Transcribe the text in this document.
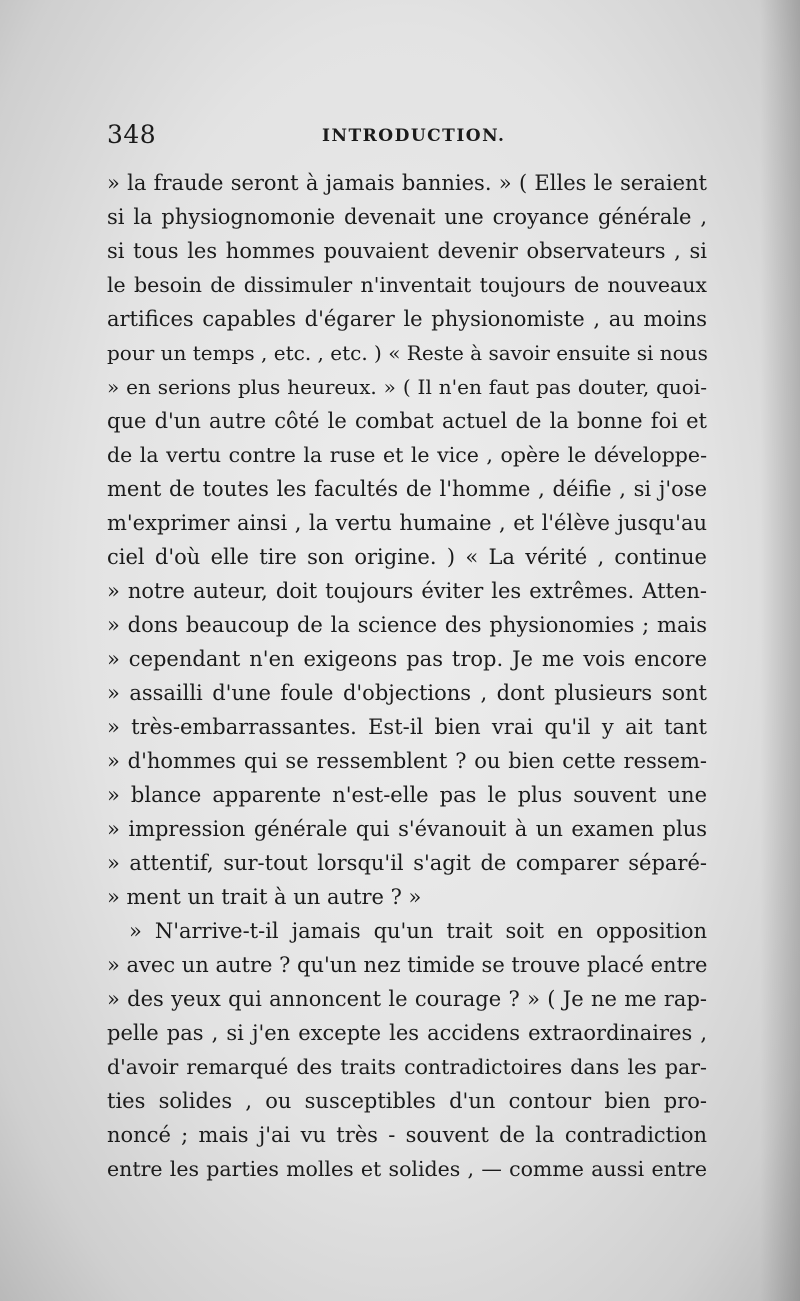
348	INTRODUCTION.
» la fraude seront à jamais bannies. » ( Elles le seraient
si la physiognomonie devenait une croyance générale ,
si tous les hommes pouvaient devenir observateurs , si
le besoin de dissimuler n'inventait toujours de nouveaux
artifices capables d'égarer le physionomiste , au moins
pour un temps , etc. , etc. ) « Reste à savoir ensuite si nous
» en serions plus heureux. » ( Il n'en faut pas douter, quoi-
que d'un autre côté le combat actuel de la bonne foi et
de la vertu contre la ruse et le vice , opère le développe-
ment de toutes les facultés de l'homme , déifie , si j'ose
m'exprimer ainsi , la vertu humaine , et l'élève jusqu'au
ciel d'où elle tire son origine. ) « La vérité , continue
» notre auteur, doit toujours éviter les extrêmes. Atten-
» dons beaucoup de la science des physionomies ; mais
» cependant n'en exigeons pas trop. Je me vois encore
» assailli d'une foule d'objections , dont plusieurs sont
» très-embarrassantes. Est-il bien vrai qu'il y ait tant
» d'hommes qui se ressemblent ? ou bien cette ressem-
» blance apparente n'est-elle pas le plus souvent une
» impression générale qui s'évanouit à un examen plus
» attentif, sur-tout lorsqu'il s'agit de comparer séparé-
» ment un trait à un autre ? »
» N'arrive-t-il jamais qu'un trait soit en opposition
» avec un autre ? qu'un nez timide se trouve placé entre
» des yeux qui annoncent le courage ? » ( Je ne me rap-
pelle pas , si j'en excepte les accidens extraordinaires ,
d'avoir remarqué des traits contradictoires dans les par-
ties solides , ou susceptibles d'un contour bien pro-
noncé ; mais j'ai vu très - souvent de la contradiction
entre les parties molles et solides , — comme aussi entre
